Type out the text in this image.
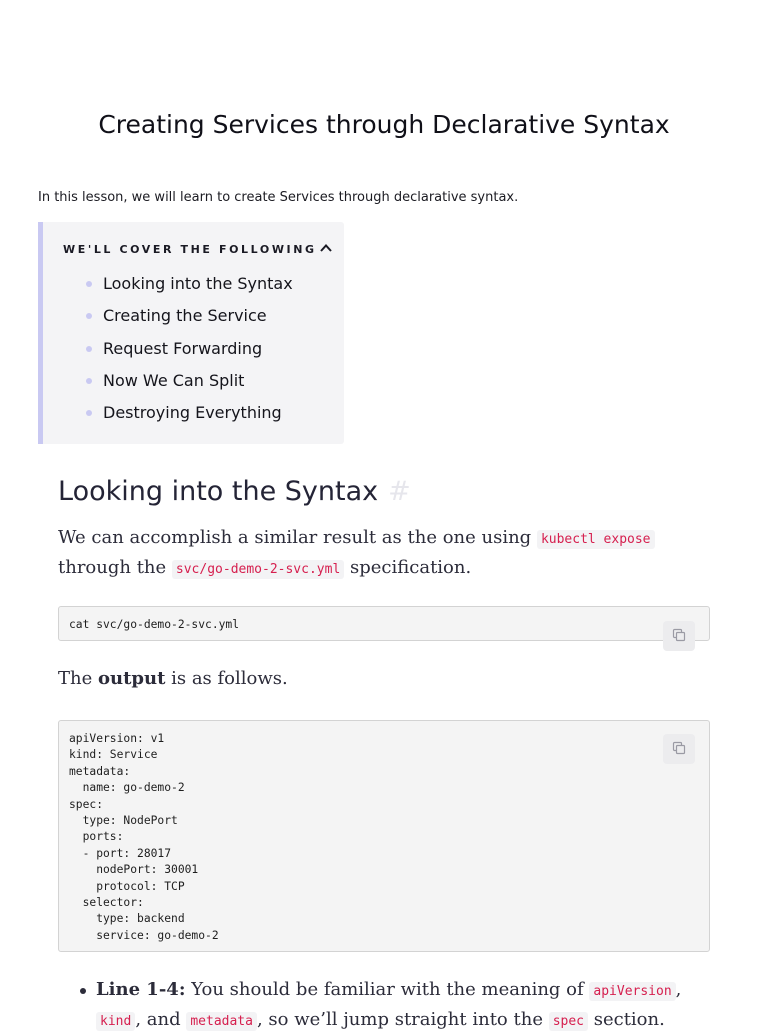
Creating Services through Declarative Syntax

In this lesson, we will learn to create Services through declarative syntax.

WE'LL COVER THE FOLLOWING
Looking into the Syntax
Creating the Service
Request Forwarding
Now We Can Split
Destroying Everything
Looking into the Syntax #

We can accomplish a similar result as the one using kubectl expose through the svc/go-demo-2-svc.yml specification.

cat svc/go-demo-2-svc.yml

The output is as follows.

apiVersion: v1
kind: Service
metadata:
name: go-demo-2
spec:
type: NodePort
ports:
- port: 28017
nodePort: 30001
protocol: TCP
selector:
type: backend
service: go-demo-2
Line 1-4: You should be familiar with the meaning of apiVersion , kind , and metadata , so we’ll jump straight into the spec section.
